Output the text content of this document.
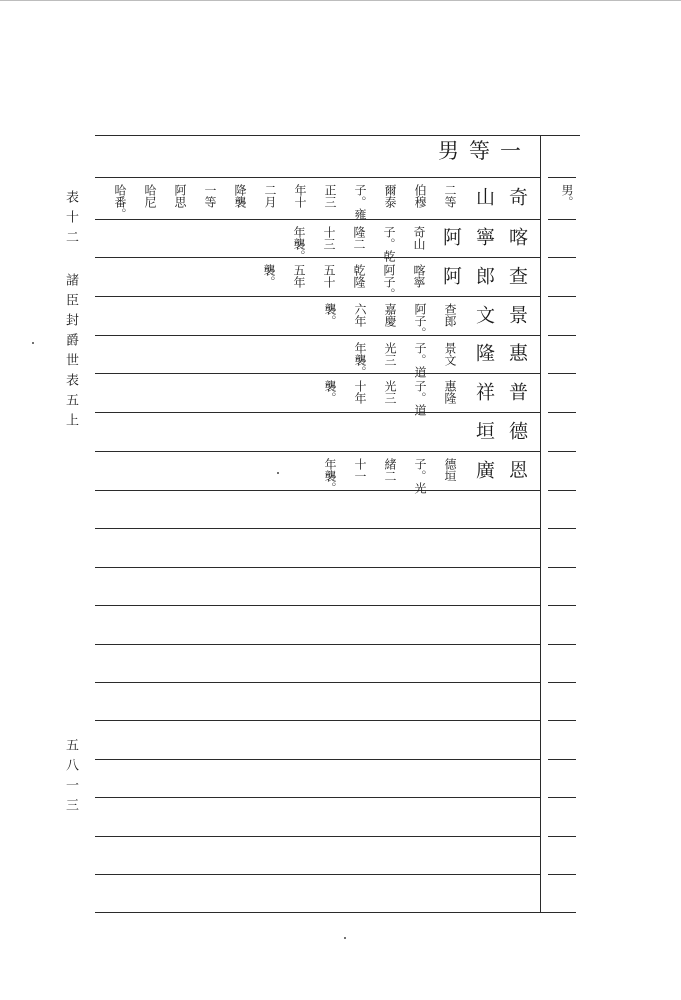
一
等
男
男。
奇
山
二等
伯穆
爾泰
子。雍
正三
年十
二月
降襲
一等
阿思
哈尼
哈番。
喀
寧
阿
奇山
子。乾
隆二
十三
年襲。
查
郎
阿
喀寧
阿子。
乾隆
五十
五年
襲。
景
文
查郎
阿子。
嘉慶
六年
襲。
惠
隆
景文
子。道
光三
年襲。
普
祥
惠隆
子。道
光三
十年
襲。
德
垣
恩
廣
德垣
子。光
緒二
十一
年襲。
表十二
諸臣封爵世表五上
五八一三
